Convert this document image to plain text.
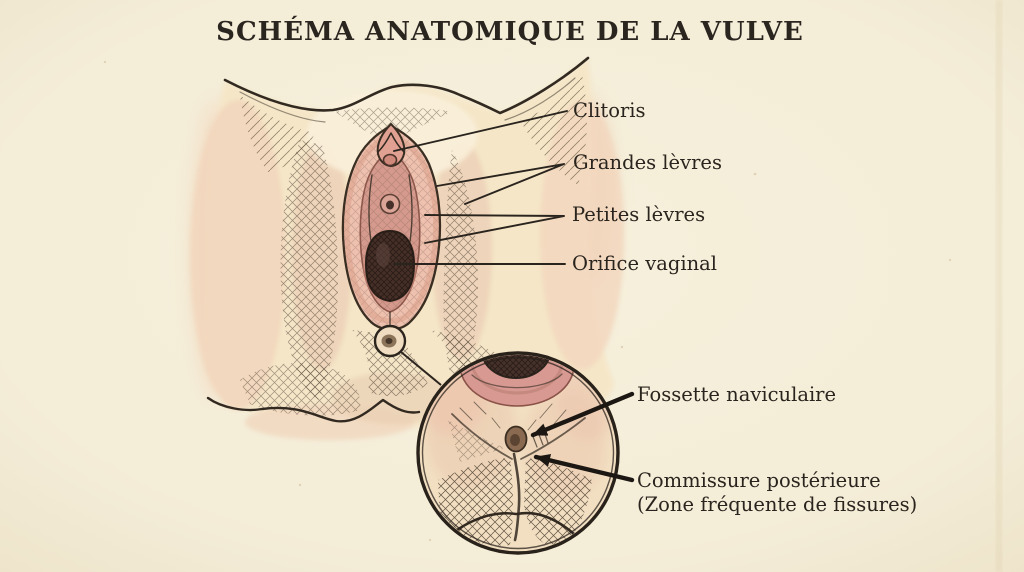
SCHÉMA ANATOMIQUE DE LA VULVE
Clitoris
Grandes lèvres
Petites lèvres
Orifice vaginal
Fossette naviculaire
Commissure postérieure
(Zone fréquente de fissures)
